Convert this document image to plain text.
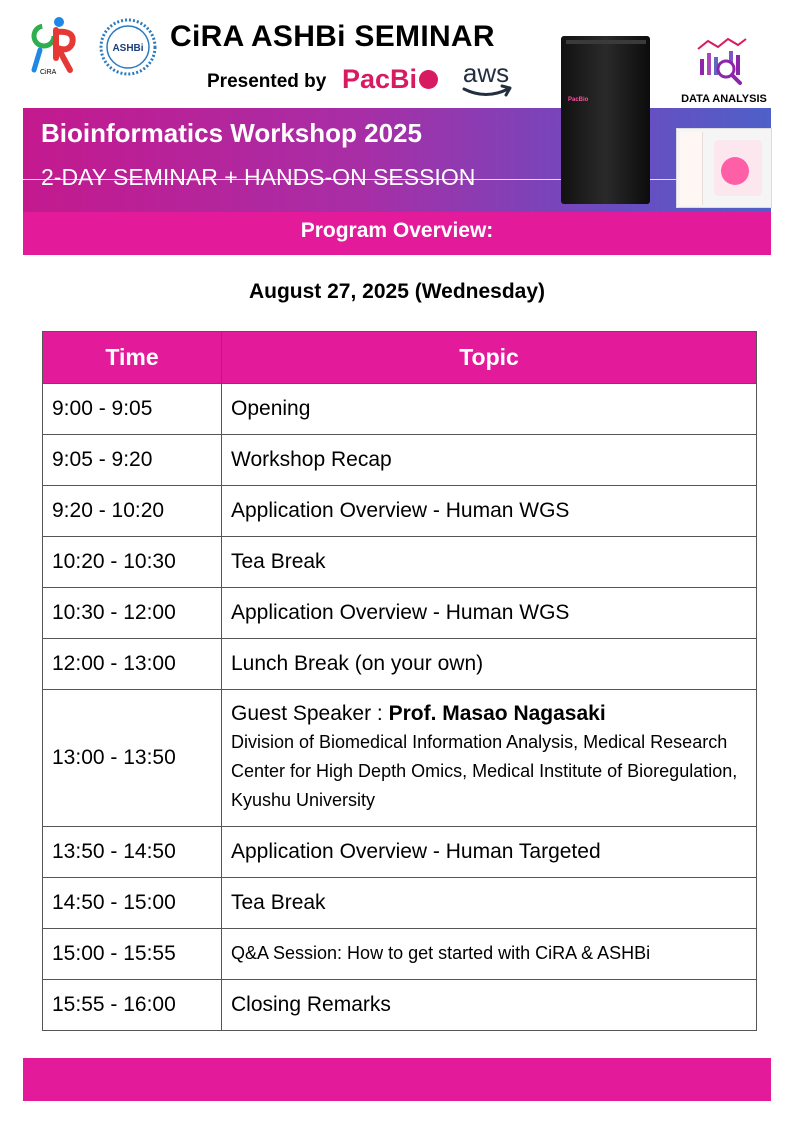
CiRA
ASHBi CiRA ASHBi SEMINAR
Presented by PacBi	aws
Bioinformatics Workshop 2025
2-DAY SEMINAR + HANDS-ON SESSION
Program Overview:
PacBio	DATA ANALYSIS
August 27, 2025 (Wednesday)
Time	Topic
9:00 - 9:05	Opening
9:05 - 9:20	Workshop Recap
9:20 - 10:20	Application Overview - Human WGS
10:20 - 10:30	Tea Break
10:30 - 12:00	Application Overview - Human WGS
12:00 - 13:00	Lunch Break (on your own)
13:00 - 13:50	Guest Speaker : Prof. Masao Nagasaki
Division of Biomedical Information Analysis, Medical Research Center for High Depth Omics, Medical Institute of Bioregulation, Kyushu University

13:50 - 14:50	Application Overview - Human Targeted
14:50 - 15:00	Tea Break
15:00 - 15:55	Q&A Session: How to get started with CiRA & ASHBi
15:55 - 16:00	Closing Remarks
